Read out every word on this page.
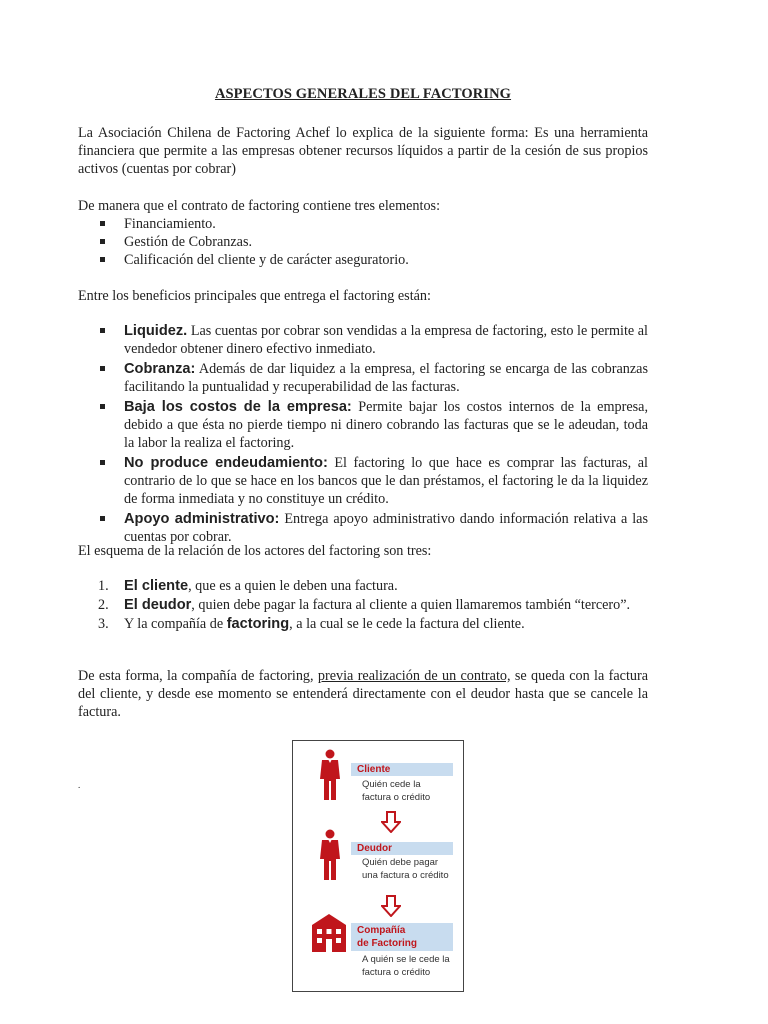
ASPECTOS GENERALES DEL FACTORING

La Asociación Chilena de Factoring Achef lo explica de la siguiente forma: Es una herramienta financiera que permite a las empresas obtener recursos líquidos a partir de la cesión de sus propios activos (cuentas por cobrar)

De manera que el contrato de factoring contiene tres elementos:

Financiamiento.
Gestión de Cobranzas.
Calificación del cliente y de carácter aseguratorio.

Entre los beneficios principales que entrega el factoring están:

Liquidez. Las cuentas por cobrar son vendidas a la empresa de factoring, esto le permite al vendedor obtener dinero efectivo inmediato.
Cobranza: Además de dar liquidez a la empresa, el factoring se encarga de las cobranzas facilitando la puntualidad y recuperabilidad de las facturas.
Baja los costos de la empresa: Permite bajar los costos internos de la empresa, debido a que ésta no pierde tiempo ni dinero cobrando las facturas que se le adeudan, toda la labor la realiza el factoring.
No produce endeudamiento: El factoring lo que hace es comprar las facturas, al contrario de lo que se hace en los bancos que le dan préstamos, el factoring le da la liquidez de forma inmediata y no constituye un crédito.
Apoyo administrativo: Entrega apoyo administrativo dando información relativa a las cuentas por cobrar.

El esquema de la relación de los actores del factoring son tres:

1. El cliente, que es a quien le deben una factura.
2. El deudor, quien debe pagar la factura al cliente a quien llamaremos también “tercero”.
3. Y la compañía de factoring, a la cual se le cede la factura del cliente.

De esta forma, la compañía de factoring, previa realización de un contrato, se queda con la factura del cliente, y desde ese momento se entenderá directamente con el deudor hasta que se cancele la factura.

.
Cliente
Quién cede la
factura o crédito
Deudor
Quién debe pagar
una factura o crédito
Compañía
de Factoring
A quién se le cede la
factura o crédito
